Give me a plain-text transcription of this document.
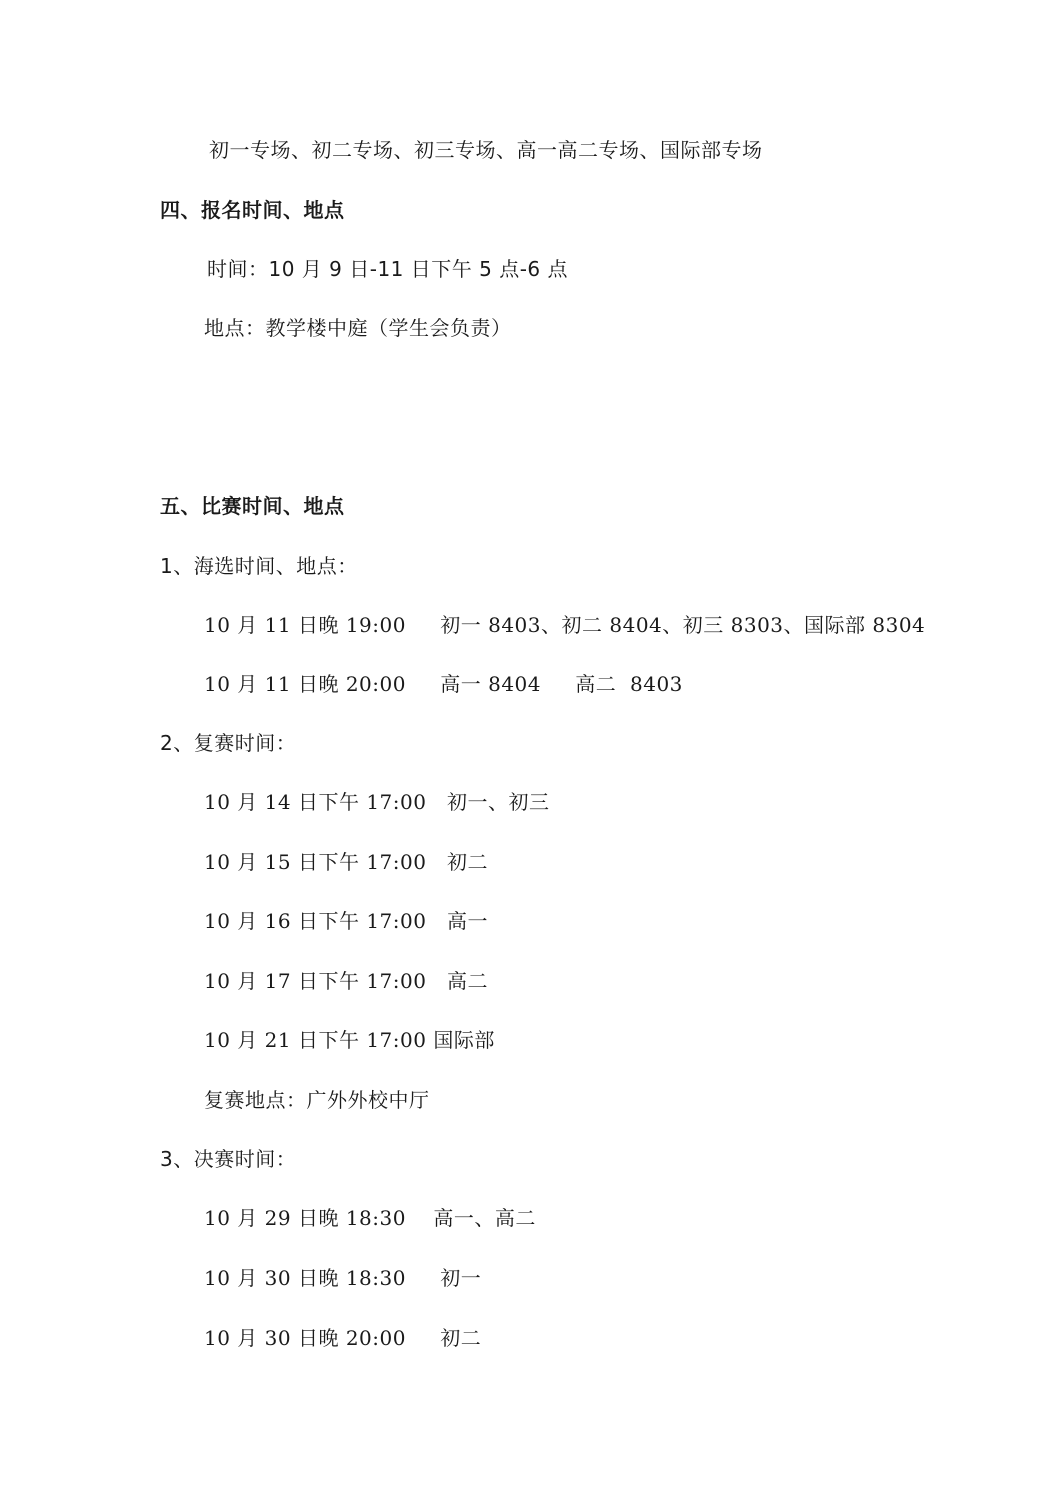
初一专场、初二专场、初三专场、高一高二专场、国际部专场
四、报名时间、地点
时间：10 月 9 日-11 日下午 5 点-6 点
地点：教学楼中庭（学生会负责）
五、比赛时间、地点
1、海选时间、地点：
10 月 11 日晚 19:00     初一 8403、初二 8404、初三 8303、国际部 8304
10 月 11 日晚 20:00     高一 8404     高二  8403
2、复赛时间：
10 月 14 日下午 17:00   初一、初三
10 月 15 日下午 17:00   初二
10 月 16 日下午 17:00   高一
10 月 17 日下午 17:00   高二
10 月 21 日下午 17:00 国际部
复赛地点：广外外校中厅
3、决赛时间：
10 月 29 日晚 18:30    高一、高二
10 月 30 日晚 18:30     初一
10 月 30 日晚 20:00     初二
